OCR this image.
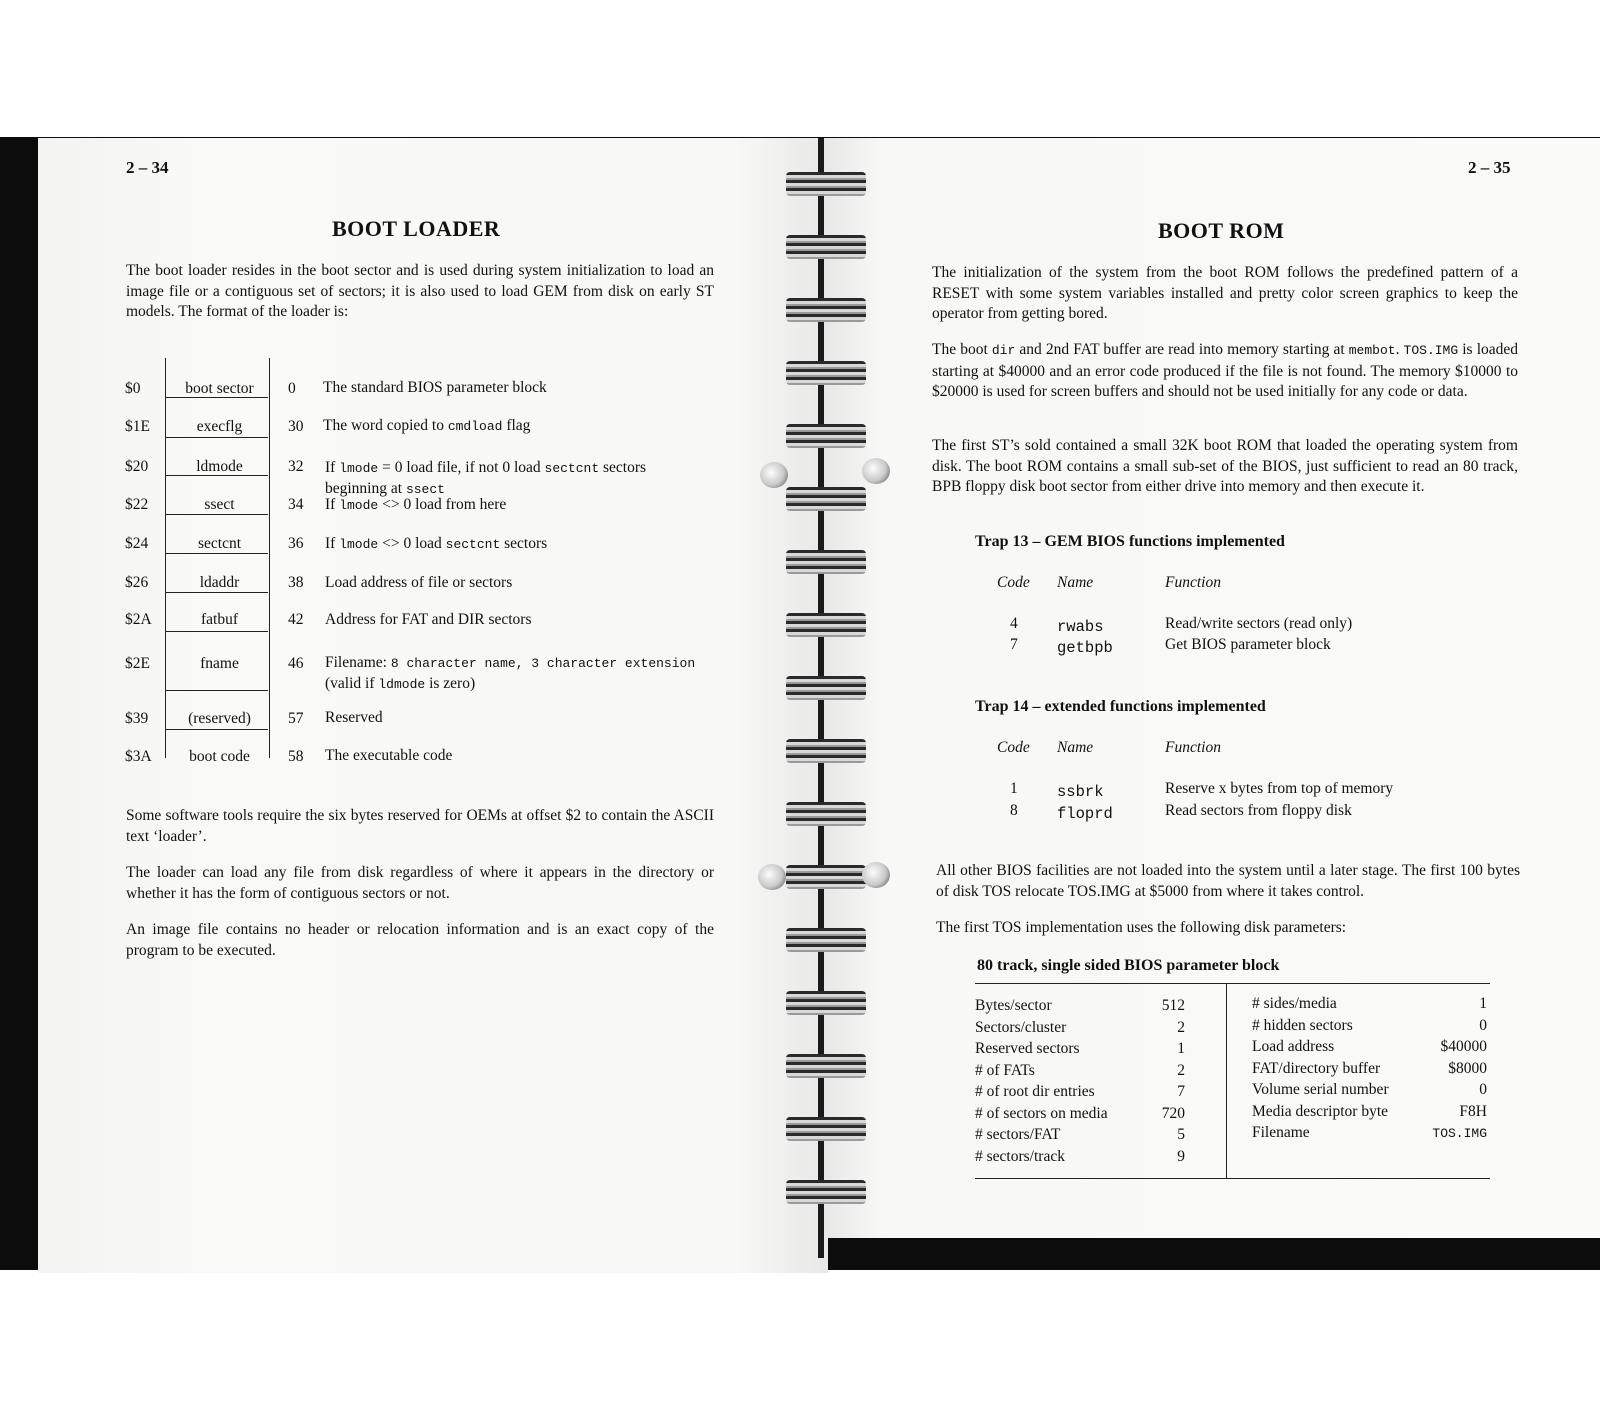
2 – 34
BOOT LOADER

The boot loader resides in the boot sector and is used during system initialization to load an image file or a contiguous set of sectors; it is also used to load GEM from disk on early ST models. The format of the loader is:

$0	boot sector	0 The standard BIOS parameter block
$1E	execflg	30 The word copied to cmdload flag
$20	ldmode	32 If lmode = 0 load file, if not 0 load sectcnt sectors
beginning at ssect
$22	ssect	34 If lmode <> 0 load from here
$24	sectcnt	36 If lmode <> 0 load sectcnt sectors
$26	ldaddr	38 Load address of file or sectors
$2A	fatbuf	42 Address for FAT and DIR sectors
$2E	fname	46 Filename: 8 character name, 3 character extension
(valid if ldmode is zero)
$39	(reserved)	57 Reserved
$3A	boot code	58 The executable code

Some software tools require the six bytes reserved for OEMs at offset $2 to contain the ASCII text ‘loader’.

The loader can load any file from disk regardless of where it appears in the directory or whether it has the form of contiguous sectors or not.

An image file contains no header or relocation information and is an exact copy of the program to be executed.

2 – 35
BOOT ROM

The initialization of the system from the boot ROM follows the predefined pattern of a RESET with some system variables installed and pretty color screen graphics to keep the operator from getting bored.

The boot dir and 2nd FAT buffer are read into memory starting at membot. TOS.IMG is loaded starting at $40000 and an error code produced if the file is not found. The memory $10000 to $20000 is used for screen buffers and should not be used initially for any code or data.

The first ST’s sold contained a small 32K boot ROM that loaded the operating system from disk. The boot ROM contains a small sub-set of the BIOS, just sufficient to read an 80 track, BPB floppy disk boot sector from either drive into memory and then execute it.

Trap 13 – GEM BIOS functions implemented
Code Name	Function
4	rwabs	Read/write sectors (read only)
7	getbpb	Get BIOS parameter block
Trap 14 – extended functions implemented
Code Name	Function
1	ssbrk	Reserve x bytes from top of memory
8	floprd	Read sectors from floppy disk

All other BIOS facilities are not loaded into the system until a later stage. The first 100 bytes of disk TOS relocate TOS.IMG at $5000 from where it takes control.

The first TOS implementation uses the following disk parameters:

80 track, single sided BIOS parameter block
Bytes/sector	512
Sectors/cluster	2
Reserved sectors	1
# of FATs	2
# of root dir entries	7
# of sectors on media	720
# sectors/FAT	5
# sectors/track	9
# sides/media	1
# hidden sectors	0
Load address	$40000
FAT/directory buffer	$8000
Volume serial number	0
Media descriptor byte	F8H
Filename	TOS.IMG
